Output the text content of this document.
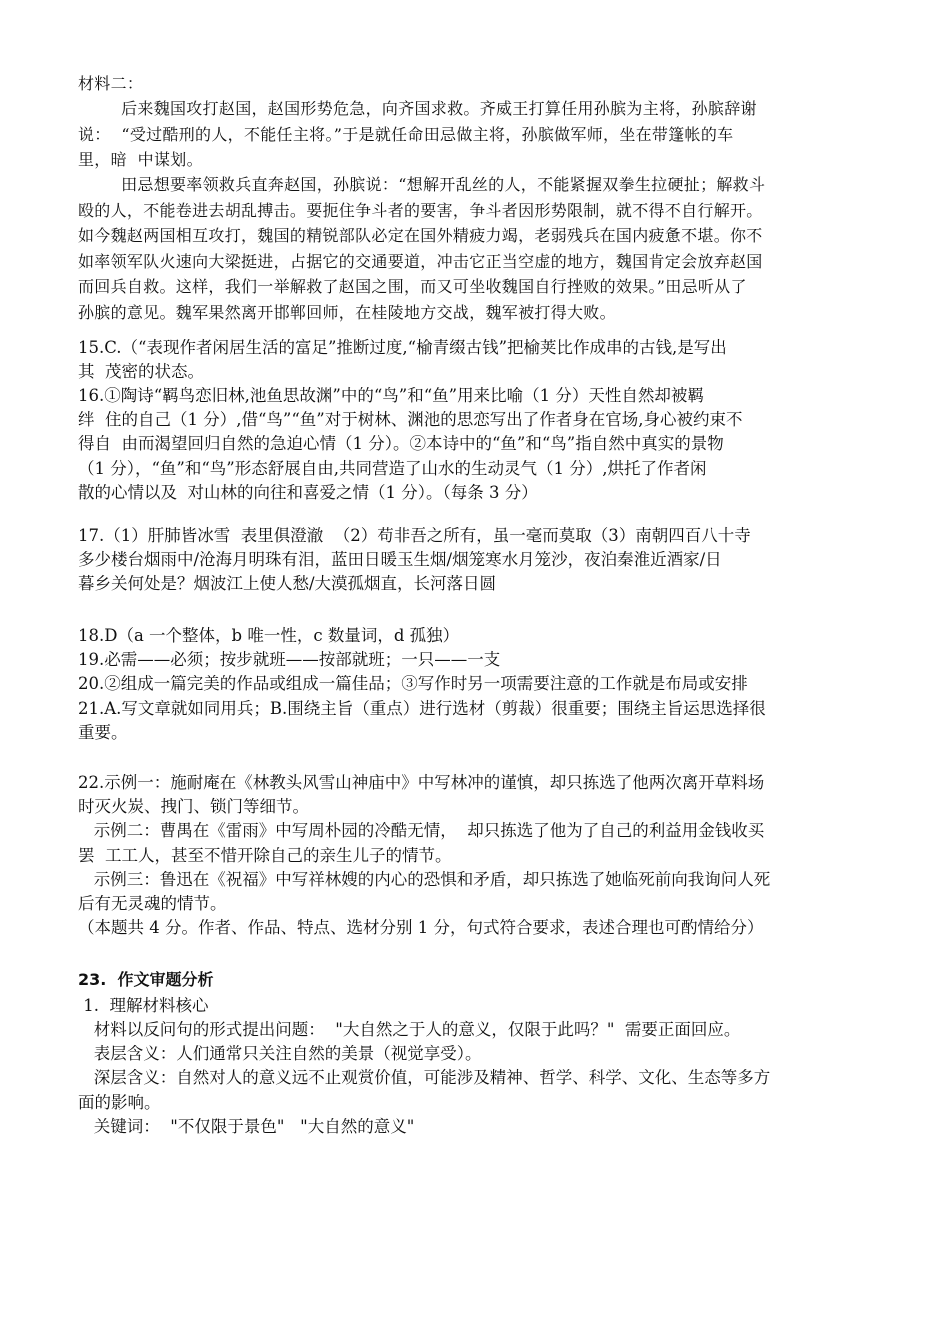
材料二：
后来魏国攻打赵国，赵国形势危急，向齐国求救。齐威王打算任用孙膑为主将，孙膑辞谢
说：  “受过酷刑的人，不能任主将。”于是就任命田忌做主将，孙膑做军师，坐在带篷帐的车
里，暗  中谋划。
田忌想要率领救兵直奔赵国，孙膑说：“想解开乱丝的人，不能紧握双拳生拉硬扯；解救斗
殴的人，不能卷进去胡乱搏击。要扼住争斗者的要害，争斗者因形势限制，就不得不自行解开。
如今魏赵两国相互攻打，魏国的精锐部队必定在国外精疲力竭，老弱残兵在国内疲惫不堪。你不
如率领军队火速向大梁挺进，占据它的交通要道，冲击它正当空虚的地方，魏国肯定会放弃赵国
而回兵自救。这样，我们一举解救了赵国之围，而又可坐收魏国自行挫败的效果。”田忌听从了
孙膑的意见。魏军果然离开邯郸回师，在桂陵地方交战，魏军被打得大败。
15.C.（“表现作者闲居生活的富足”推断过度,“榆青缀古钱”把榆荚比作成串的古钱,是写出
其  茂密的状态。
16.①陶诗“羁鸟恋旧林,池鱼思故渊”中的“鸟”和“鱼”用来比喻（1 分）天性自然却被羁
绊  住的自己（1 分）,借“鸟”“鱼”对于树林、渊池的思恋写出了作者身在官场,身心被约束不
得自  由而渴望回归自然的急迫心情（1 分）。②本诗中的“鱼”和“鸟”指自然中真实的景物
（1 分），“鱼”和“鸟”形态舒展自由,共同营造了山水的生动灵气（1 分）,烘托了作者闲
散的心情以及  对山林的向往和喜爱之情（1 分）。（每条 3 分）
17.（1）肝肺皆冰雪  表里俱澄澈  （2）苟非吾之所有，虽一毫而莫取（3）南朝四百八十寺
多少楼台烟雨中/沧海月明珠有泪，蓝田日暖玉生烟/烟笼寒水月笼沙，夜泊秦淮近酒家/日
暮乡关何处是？烟波江上使人愁/大漠孤烟直，长河落日圆
18.D（a 一个整体，b 唯一性，c 数量词，d 孤独）
19.必需——必须；按步就班——按部就班；一只——一支
20.②组成一篇完美的作品或组成一篇佳品；③写作时另一项需要注意的工作就是布局或安排
21.A.写文章就如同用兵；B.围绕主旨（重点）进行选材（剪裁）很重要；围绕主旨运思选择很
重要。
22.示例一：施耐庵在《林教头风雪山神庙中》中写林冲的谨慎，却只拣选了他两次离开草料场
时灭火炭、拽门、锁门等细节。
示例二：曹禺在《雷雨》中写周朴园的冷酷无情，  却只拣选了他为了自己的利益用金钱收买
罢  工工人，甚至不惜开除自己的亲生儿子的情节。
示例三：鲁迅在《祝福》中写祥林嫂的内心的恐惧和矛盾，却只拣选了她临死前向我询问人死
后有无灵魂的情节。
（本题共 4 分。作者、作品、特点、选材分别 1 分，句式符合要求，表述合理也可酌情给分）
23.  作文审题分析
1.  理解材料核心
材料以反问句的形式提出问题：  "大自然之于人的意义，仅限于此吗？"  需要正面回应。
表层含义：人们通常只关注自然的美景（视觉享受）。
深层含义：自然对人的意义远不止观赏价值，可能涉及精神、哲学、科学、文化、生态等多方
面的影响。
关键词：  "不仅限于景色"   "大自然的意义"
